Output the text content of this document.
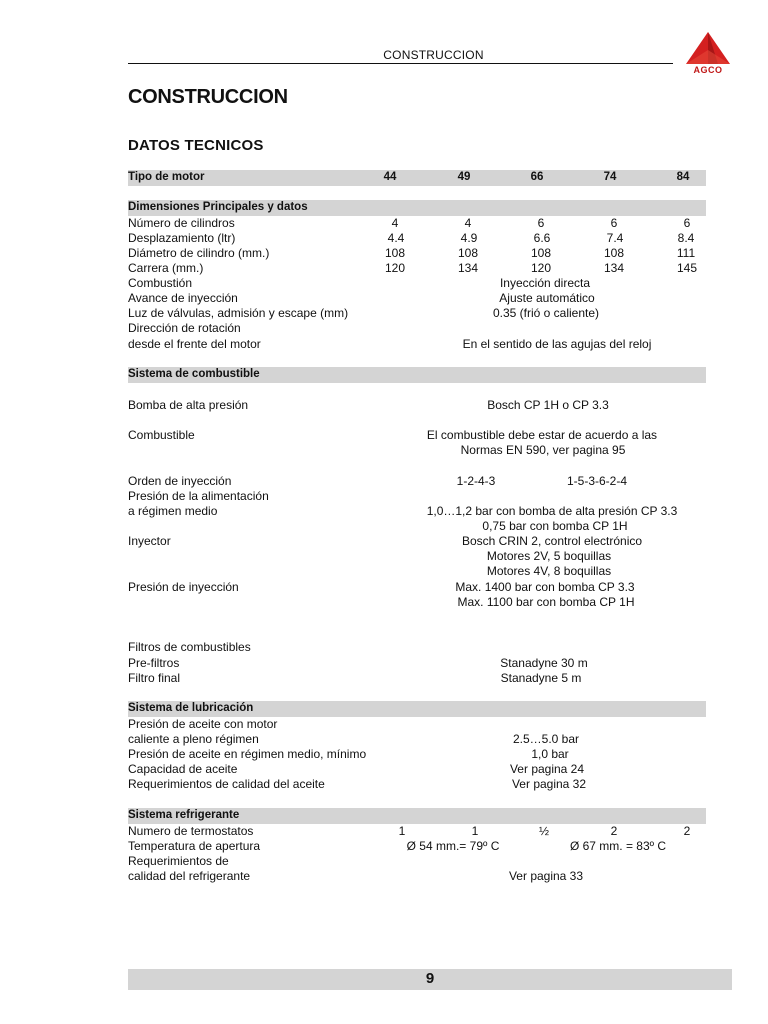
CONSTRUCCION
AGCO
CONSTRUCCION
DATOS TECNICOS
Tipo de motor	44	49	66	74	84
Dimensiones Principales y datos
Número de cilindros	4	4	6	6	6
Desplazamiento (ltr)	4.4	4.9	6.6	7.4	8.4
Diámetro de cilindro (mm.)	108	108	108	108	111
Carrera (mm.)	120	134	120	134	145
Combustión	Inyección directa
Avance de inyección	Ajuste automático
Luz de válvulas, admisión y escape (mm)	0.35 (frió o caliente)
Dirección de rotación
desde el frente del motor	En el sentido de las agujas del reloj
Sistema de combustible
Bomba de alta presión	Bosch CP 1H o CP 3.3
Combustible	El combustible debe estar de acuerdo a las
Normas EN 590, ver pagina 95
Orden de inyección	1-2-4-3	1-5-3-6-2-4
Presión de la alimentación
a régimen medio	1,0…1,2 bar con bomba de alta presión CP 3.3
0,75 bar con bomba CP 1H
Inyector	Bosch CRIN 2, control electrónico
Motores 2V, 5 boquillas
Motores 4V, 8 boquillas
Presión de inyección	Max. 1400 bar con bomba CP 3.3
Max. 1100 bar con bomba CP 1H
Filtros de combustibles
Pre-filtros	Stanadyne 30 m
Filtro final	Stanadyne 5 m
Sistema de lubricación
Presión de aceite con motor
caliente a pleno régimen	2.5…5.0 bar
Presión de aceite en régimen medio, mínimo	1,0 bar
Capacidad de aceite	Ver pagina 24
Requerimientos de calidad del aceite	Ver pagina 32
Sistema refrigerante
Numero de termostatos	1	1	½	2	2
Temperatura de apertura	Ø 54 mm.= 79º C	Ø 67 mm. = 83º C
Requerimientos de
calidad del refrigerante	Ver pagina 33
9
